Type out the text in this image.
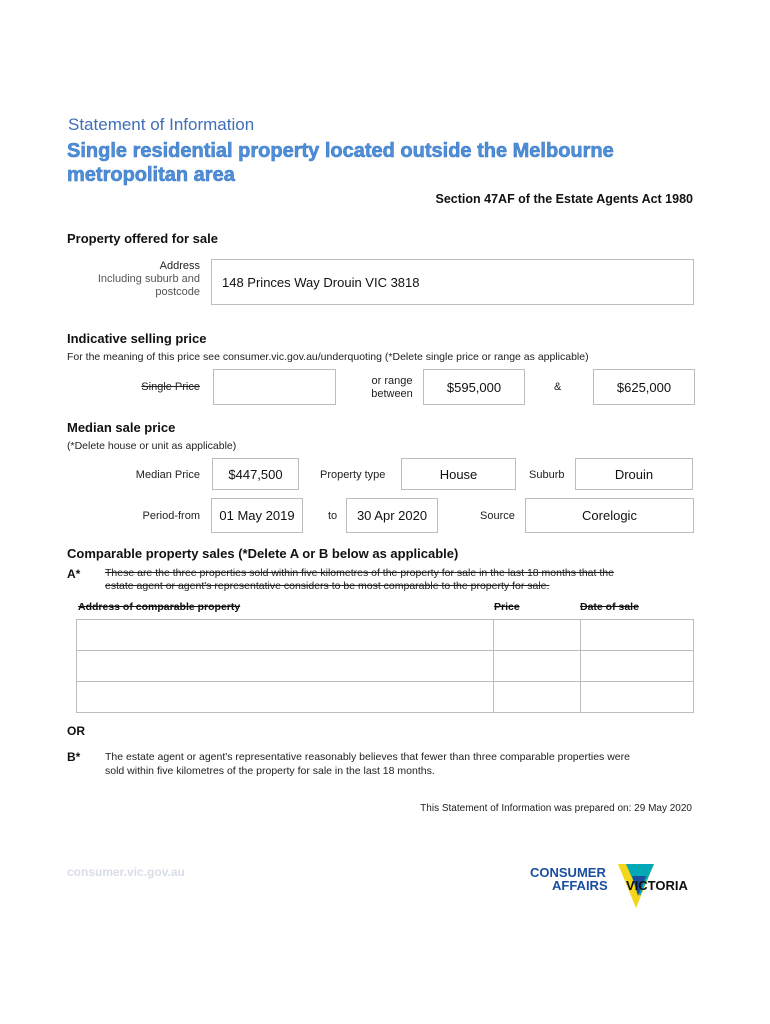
Statement of Information
Single residential property located outside the Melbourne
metropolitan area
Section 47AF of the Estate Agents Act 1980
Property offered for sale
Address
Including suburb and
postcode
148 Princes Way Drouin VIC 3818
Indicative selling price
For the meaning of this price see consumer.vic.gov.au/underquoting (*Delete single price or range as applicable)
Single Price	or range
between	$595,000	&	$625,000
Median sale price
(*Delete house or unit as applicable)
Median Price $447,500	Property type	House	Suburb	Drouin
Period-from 01 May 2019	to 30 Apr 2020	Source	Corelogic
Comparable property sales (*Delete A or B below as applicable)
A* These are the three properties sold within five kilometres of the property for sale in the last 18 months that the
estate agent or agent's representative considers to be most comparable to the property for sale.
Address of comparable property	Price	Date of sale

OR
B* The estate agent or agent's representative reasonably believes that fewer than three comparable properties were
sold within five kilometres of the property for sale in the last 18 months.
This Statement of Information was prepared on: 29 May 2020
consumer.vic.gov.au	CONSUMER
AFFAIRS VICTORIA
